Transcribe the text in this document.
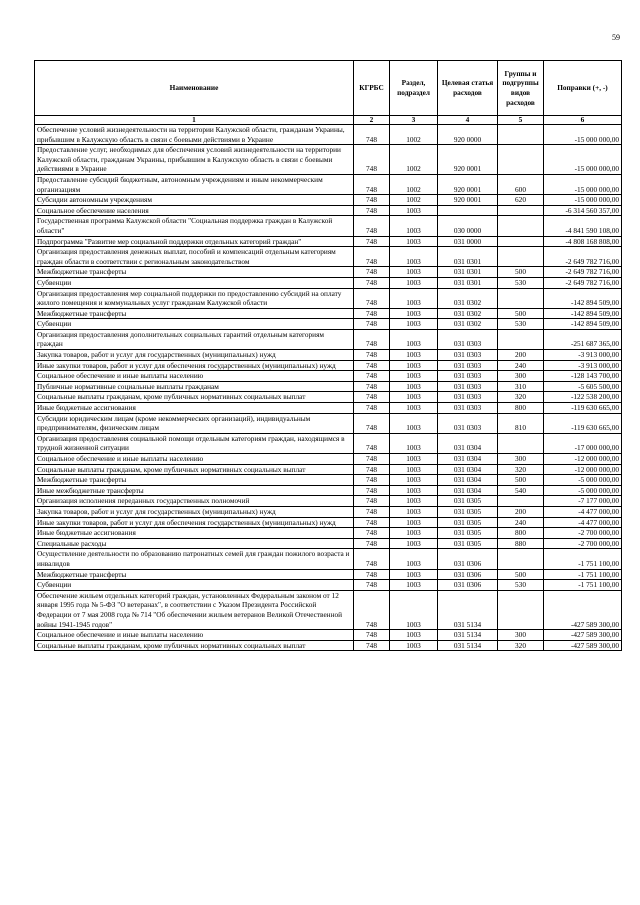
59
Наименование	КГРБС	Раздел, подраздел	Целевая статья расходов	Группы и подгруппы видов расходов	Поправки (+, -)
1	2	3	4	5	6
Обеспечение условий жизнедеятельности на территории Калужской области, гражданам Украины, прибывшим в Калужскую область в связи с боевыми действиями в Украине	748	1002	920 0000		-15 000 000,00
Предоставление услуг, необходимых для обеспечения условий жизнедеятельности на территории Калужской области, гражданам Украины, прибывшим в Калужскую область в связи с боевыми действиями в Украине	748	1002	920 0001		-15 000 000,00
Предоставление субсидий бюджетным, автономным учреждениям и иным некоммерческим организациям	748	1002	920 0001	600	-15 000 000,00
Субсидии автономным учреждениям	748	1002	920 0001	620	-15 000 000,00
Социальное обеспечение населения	748	1003			-6 314 560 357,00
Государственная программа Калужской области "Социальная поддержка граждан в Калужской области"	748	1003	030 0000		-4 841 590 108,00
Подпрограмма "Развитие мер социальной поддержки отдельных категорий граждан"	748	1003	031 0000		-4 808 168 808,00
Организация предоставления денежных выплат, пособий и компенсаций отдельным категориям граждан области в соответствии с региональным законодательством	748	1003	031 0301		-2 649 782 716,00
Межбюджетные трансферты	748	1003	031 0301	500	-2 649 782 716,00
Субвенции	748	1003	031 0301	530	-2 649 782 716,00
Организация предоставления мер социальной поддержки по предоставлению субсидий на оплату жилого помещения и коммунальных услуг гражданам Калужской области	748	1003	031 0302		-142 894 509,00
Межбюджетные трансферты	748	1003	031 0302	500	-142 894 509,00
Субвенции	748	1003	031 0302	530	-142 894 509,00
Организация предоставления дополнительных социальных гарантий отдельным категориям граждан	748	1003	031 0303		-251 687 365,00
Закупка товаров, работ и услуг для государственных (муниципальных) нужд	748	1003	031 0303	200	-3 913 000,00
Иные закупки товаров, работ и услуг для обеспечения государственных (муниципальных) нужд	748	1003	031 0303	240	-3 913 000,00
Социальное обеспечение и иные выплаты населению	748	1003	031 0303	300	-128 143 700,00
Публичные нормативные социальные выплаты гражданам	748	1003	031 0303	310	-5 605 500,00
Социальные выплаты гражданам, кроме публичных нормативных социальных выплат	748	1003	031 0303	320	-122 538 200,00
Иные бюджетные ассигнования	748	1003	031 0303	800	-119 630 665,00
Субсидии юридическим лицам (кроме некоммерческих организаций), индивидуальным предпринимателям, физическим лицам	748	1003	031 0303	810	-119 630 665,00
Организация предоставления социальной помощи отдельным категориям граждан, находящимся в трудной жизненной ситуации	748	1003	031 0304		-17 000 000,00
Социальное обеспечение и иные выплаты населению	748	1003	031 0304	300	-12 000 000,00
Социальные выплаты гражданам, кроме публичных нормативных социальных выплат	748	1003	031 0304	320	-12 000 000,00
Межбюджетные трансферты	748	1003	031 0304	500	-5 000 000,00
Иные межбюджетные трансферты	748	1003	031 0304	540	-5 000 000,00
Организация исполнения переданных государственных полномочий	748	1003	031 0305		-7 177 000,00
Закупка товаров, работ и услуг для государственных (муниципальных) нужд	748	1003	031 0305	200	-4 477 000,00
Иные закупки товаров, работ и услуг для обеспечения государственных (муниципальных) нужд	748	1003	031 0305	240	-4 477 000,00
Иные бюджетные ассигнования	748	1003	031 0305	800	-2 700 000,00
Специальные расходы	748	1003	031 0305	880	-2 700 000,00
Осуществление деятельности по образованию патронатных семей для граждан пожилого возраста и инвалидов	748	1003	031 0306		-1 751 100,00
Межбюджетные трансферты	748	1003	031 0306	500	-1 751 100,00
Субвенции	748	1003	031 0306	530	-1 751 100,00
Обеспечение жильем отдельных категорий граждан, установленных Федеральным законом от 12 января 1995 года № 5-ФЗ "О ветеранах", в соответствии с Указом Президента Российской Федерации от 7 мая 2008 года № 714 "Об обеспечении жильем ветеранов Великой Отечественной войны 1941-1945 годов"	748	1003	031 5134		-427 589 300,00
Социальное обеспечение и иные выплаты населению	748	1003	031 5134	300	-427 589 300,00
Социальные выплаты гражданам, кроме публичных нормативных социальных выплат	748	1003	031 5134	320	-427 589 300,00
